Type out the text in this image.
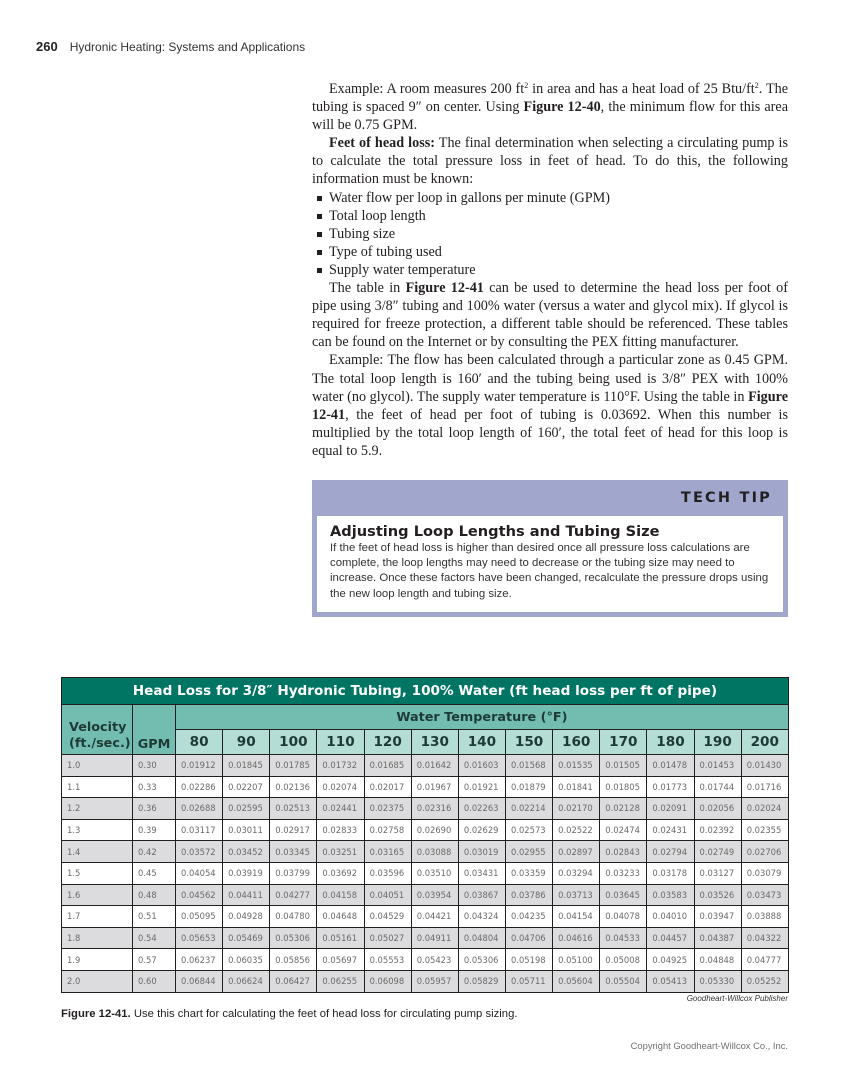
260 Hydronic Heating: Systems and Applications

Example: A room measures 200 $ft^2$ in area and has a heat load of 25 Btu/$ft^2$. The tubing is spaced 9″ on center. Using Figure 12-40, the minimum flow for this area will be 0.75 GPM.

Feet of head loss: The final determination when selecting a circulating pump is to calculate the total pressure loss in feet of head. To do this, the following information must be known:

Water flow per loop in gallons per minute (GPM)
Total loop length
Tubing size
Type of tubing used
Supply water temperature

The table in Figure 12-41 can be used to determine the head loss per foot of pipe using 3/8″ tubing and 100% water (versus a water and glycol mix). If glycol is required for freeze protection, a different table should be referenced. These tables can be found on the Internet or by consulting the PEX fitting manufacturer.

Example: The flow has been calculated through a particular zone as 0.45 GPM. The total loop length is 160′ and the tubing being used is 3/8″ PEX with 100% water (no glycol). The supply water temperature is 110°F. Using the table in Figure 12-41, the feet of head per foot of tubing is 0.03692. When this number is multiplied by the total loop length of 160′, the total feet of head for this loop is equal to 5.9.

TECH TIP
Adjusting Loop Lengths and Tubing Size
If the feet of head loss is higher than desired once all pressure loss calculations are complete, the loop lengths may need to decrease or the tubing size may need to increase. Once these factors have been changed, recalculate the pressure drops using the new loop length and tubing size.
Head Loss for 3/8″ Hydronic Tubing, 100% Water (ft head loss per ft of pipe)														
Velocity
(ft./sec.)	GPM	Water Temperature (°F)												
		80	90	100	110	120	130	140	150	160	170	180	190	200
1.0	0.30	0.01912	0.01845	0.01785	0.01732	0.01685	0.01642	0.01603	0.01568	0.01535	0.01505	0.01478	0.01453	0.01430
1.1	0.33	0.02286	0.02207	0.02136	0.02074	0.02017	0.01967	0.01921	0.01879	0.01841	0.01805	0.01773	0.01744	0.01716
1.2	0.36	0.02688	0.02595	0.02513	0.02441	0.02375	0.02316	0.02263	0.02214	0.02170	0.02128	0.02091	0.02056	0.02024
1.3	0.39	0.03117	0.03011	0.02917	0.02833	0.02758	0.02690	0.02629	0.02573	0.02522	0.02474	0.02431	0.02392	0.02355
1.4	0.42	0.03572	0.03452	0.03345	0.03251	0.03165	0.03088	0.03019	0.02955	0.02897	0.02843	0.02794	0.02749	0.02706
1.5	0.45	0.04054	0.03919	0.03799	0.03692	0.03596	0.03510	0.03431	0.03359	0.03294	0.03233	0.03178	0.03127	0.03079
1.6	0.48	0.04562	0.04411	0.04277	0.04158	0.04051	0.03954	0.03867	0.03786	0.03713	0.03645	0.03583	0.03526	0.03473
1.7	0.51	0.05095	0.04928	0.04780	0.04648	0.04529	0.04421	0.04324	0.04235	0.04154	0.04078	0.04010	0.03947	0.03888
1.8	0.54	0.05653	0.05469	0.05306	0.05161	0.05027	0.04911	0.04804	0.04706	0.04616	0.04533	0.04457	0.04387	0.04322
1.9	0.57	0.06237	0.06035	0.05856	0.05697	0.05553	0.05423	0.05306	0.05198	0.05100	0.05008	0.04925	0.04848	0.04777
2.0	0.60	0.06844	0.06624	0.06427	0.06255	0.06098	0.05957	0.05829	0.05711	0.05604	0.05504	0.05413	0.05330	0.05252
Goodheart-Willcox Publisher
Figure 12-41. Use this chart for calculating the feet of head loss for circulating pump sizing.
Copyright Goodheart-Willcox Co., Inc.
